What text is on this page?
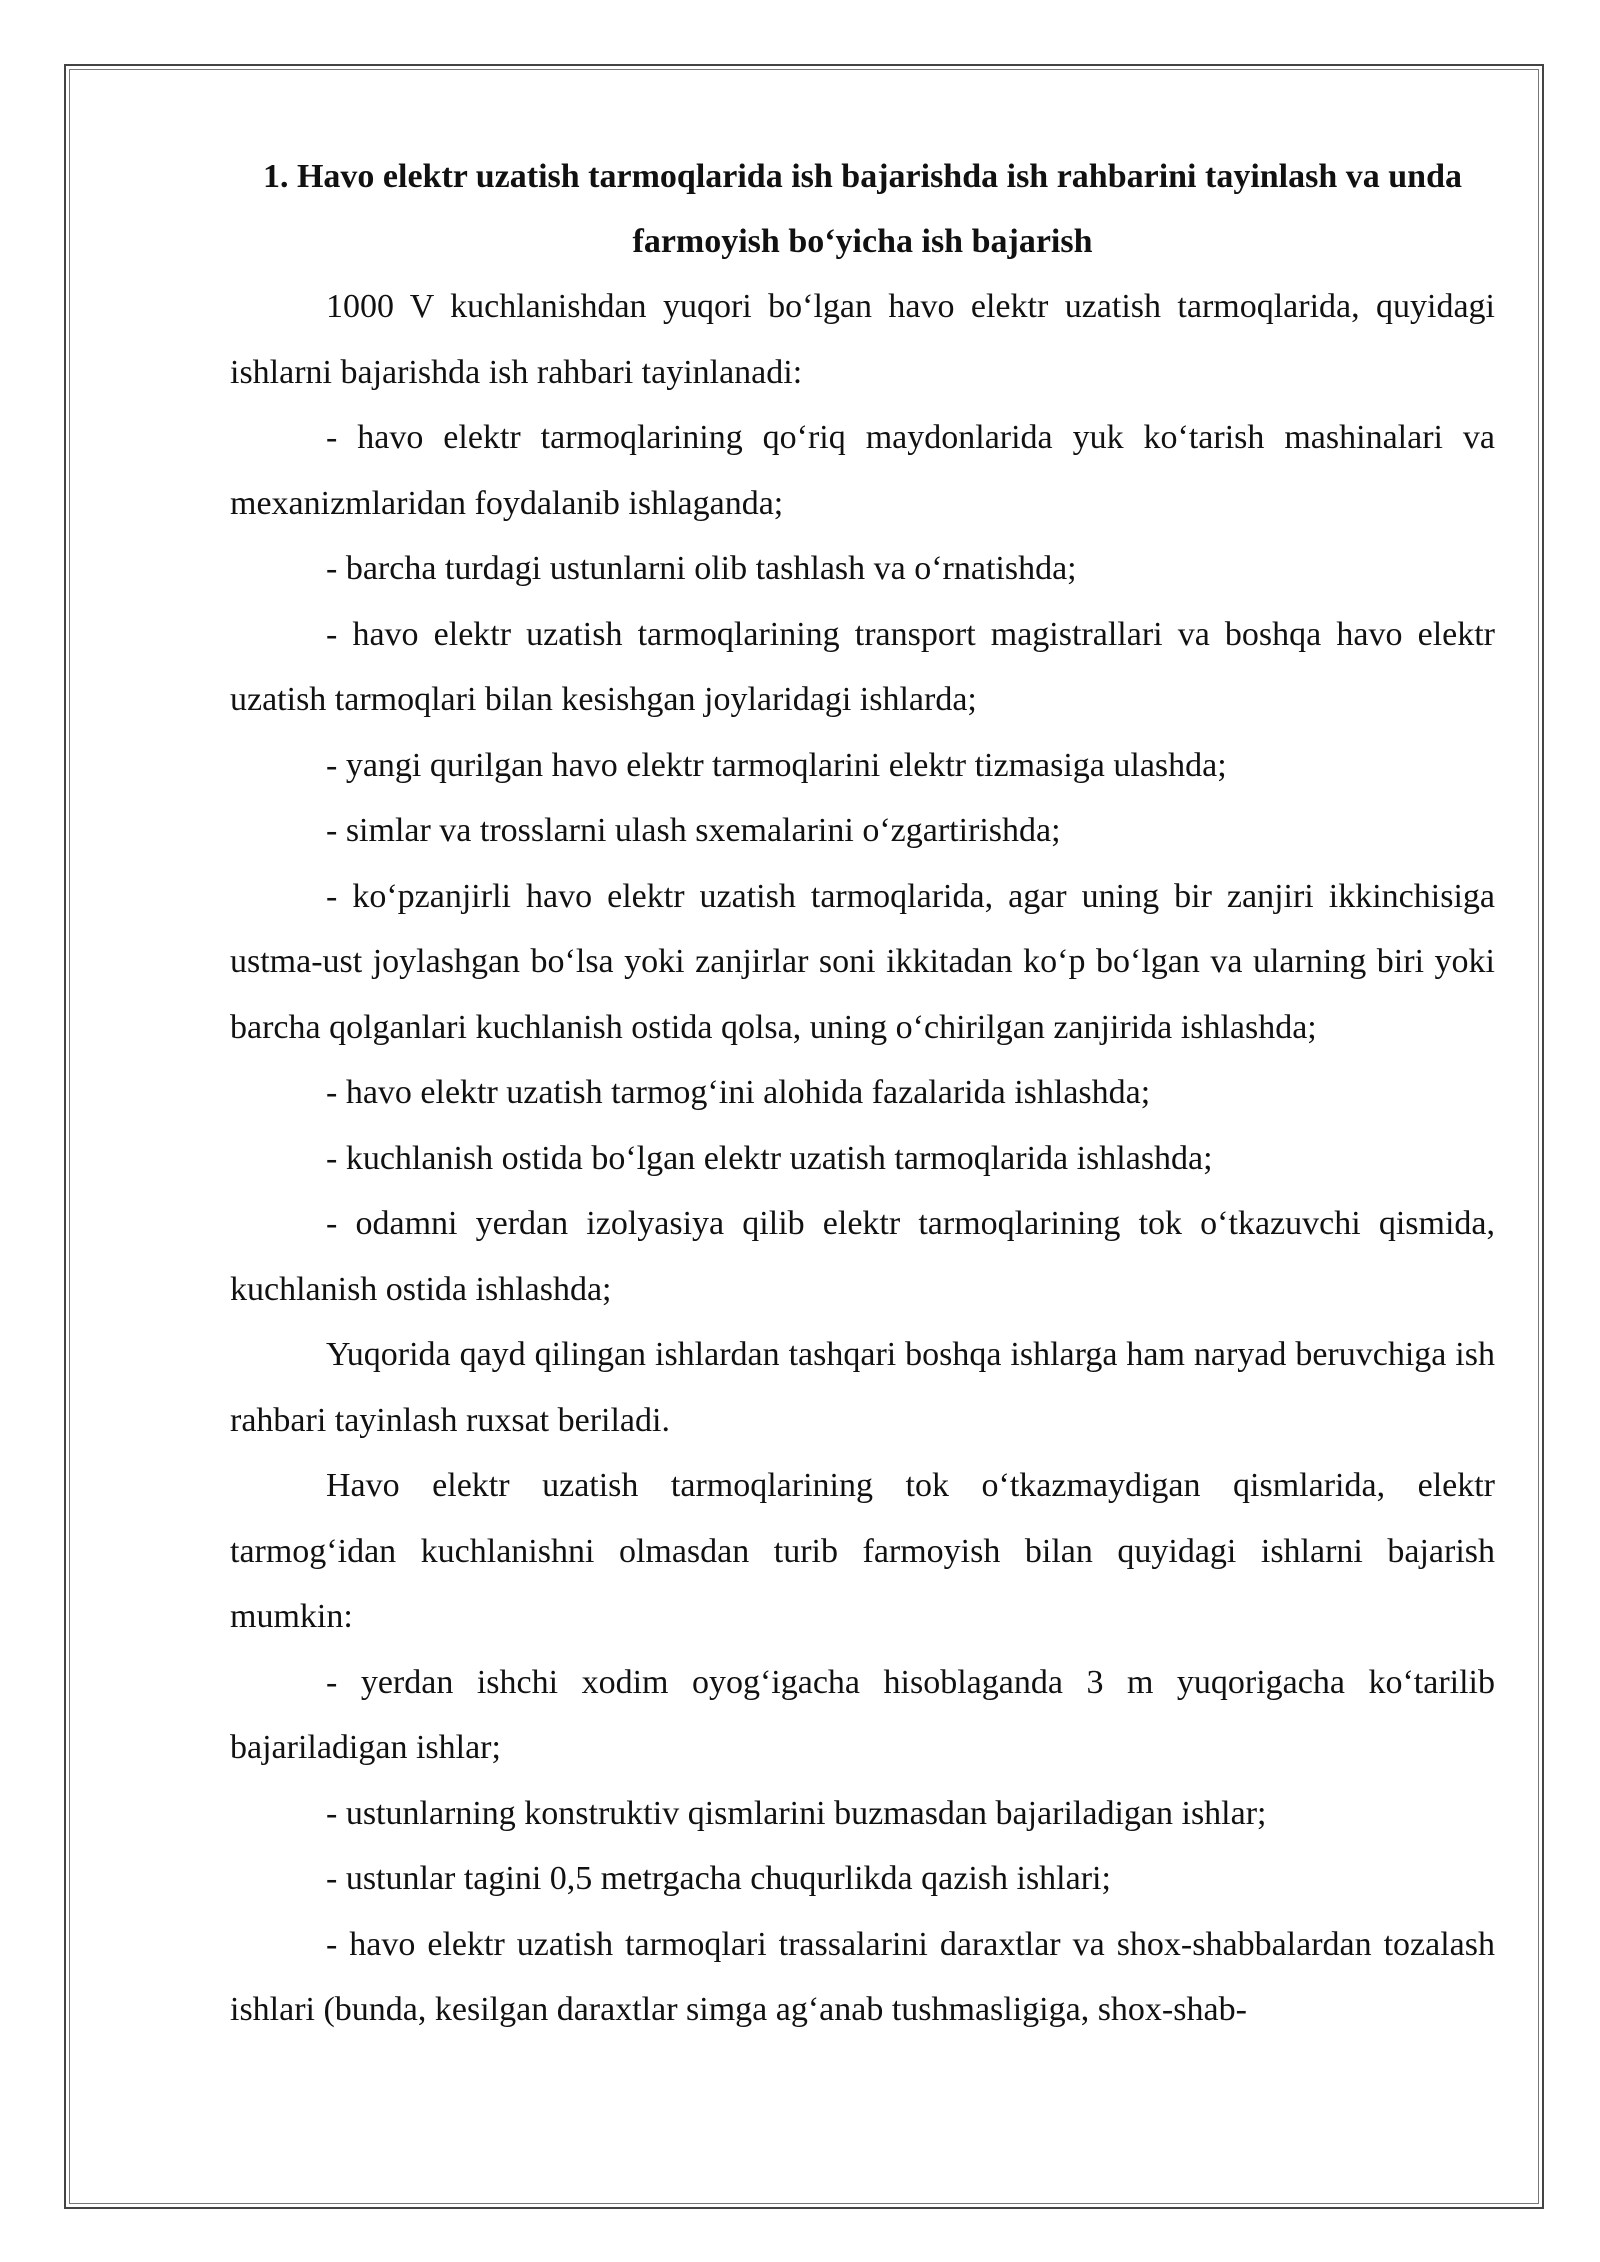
1. Havo elektr uzatish tarmoqlarida ish bajarishda ish rahbarini tayinlash va unda farmoyish bo‘yicha ish bajarish

1000 V kuchlanishdan yuqori bo‘lgan havo elektr uzatish tarmoqlarida, quyidagi ishlarni bajarishda ish rahbari tayinlanadi:

- havo elektr tarmoqlarining qo‘riq maydonlarida yuk ko‘tarish mashinalari va mexanizmlaridan foydalanib ishlaganda;

- barcha turdagi ustunlarni olib tashlash va o‘rnatishda;

- havo elektr uzatish tarmoqlarining transport magistrallari va boshqa havo elektr uzatish tarmoqlari bilan kesishgan joylaridagi ishlarda;

- yangi qurilgan havo elektr tarmoqlarini elektr tizmasiga ulashda;

- simlar va trosslarni ulash sxemalarini o‘zgartirishda;

- ko‘pzanjirli havo elektr uzatish tarmoqlarida, agar uning bir zanjiri ikkinchisiga ustma-ust joylashgan bo‘lsa yoki zanjirlar soni ikkitadan ko‘p bo‘lgan va ularning biri yoki barcha qolganlari kuchlanish ostida qolsa, uning o‘chirilgan zanjirida ishlashda;

- havo elektr uzatish tarmog‘ini alohida fazalarida ishlashda;

- kuchlanish ostida bo‘lgan elektr uzatish tarmoqlarida ishlashda;

- odamni yerdan izolyasiya qilib elektr tarmoqlarining tok o‘tkazuvchi qismida, kuchlanish ostida ishlashda;

Yuqorida qayd qilingan ishlardan tashqari boshqa ishlarga ham naryad beruvchiga ish rahbari tayinlash ruxsat beriladi.

Havo elektr uzatish tarmoqlarining tok o‘tkazmaydigan qismlarida, elektr tarmog‘idan kuchlanishni olmasdan turib farmoyish bilan quyidagi ishlarni bajarish mumkin:

- yerdan ishchi xodim oyog‘igacha hisoblaganda 3 m yuqorigacha ko‘tarilib bajariladigan ishlar;

- ustunlarning konstruktiv qismlarini buzmasdan bajariladigan ishlar;

- ustunlar tagini 0,5 metrgacha chuqurlikda qazish ishlari;

- havo elektr uzatish tarmoqlari trassalarini daraxtlar va shox-shabbalardan tozalash ishlari (bunda, kesilgan daraxtlar simga ag‘anab tushmasligiga, shox-shab-
